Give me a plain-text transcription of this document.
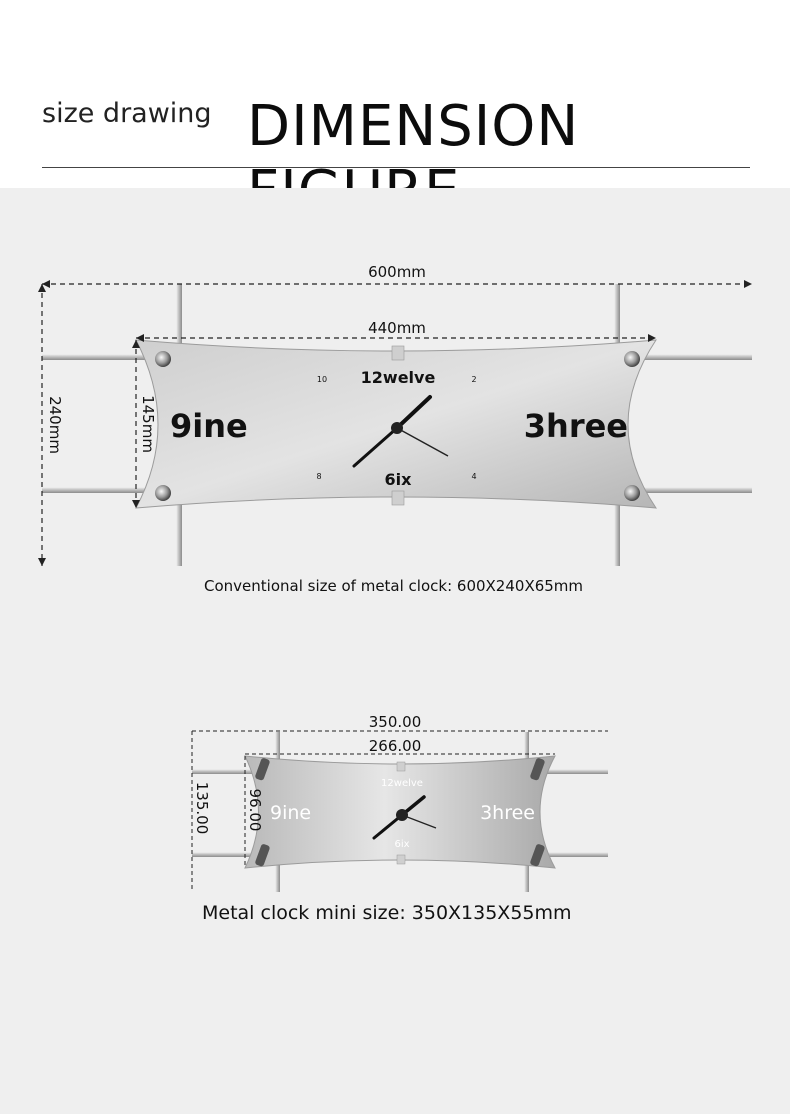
size drawing DIMENSION
9ine	3hree
12welve
6ix
10	2
8	4
600mm
440mm
240mm	145mm
9ine	3hree
12welve
6ix
350.00
266.00
135.00 96.00
Conventional size of metal clock: 600X240X65mm
Metal clock mini size: 350X135X55mm
